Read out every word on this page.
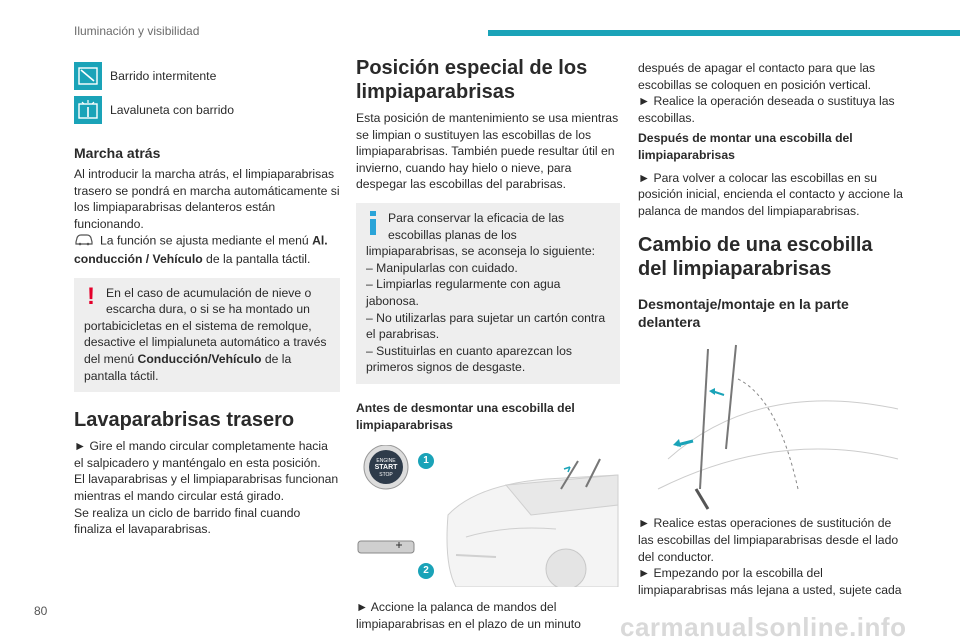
Iluminación y visibilidad
Barrido intermitente
Lavaluneta con barrido
Marcha atrás

Al introducir la marcha atrás, el limpiaparabrisas trasero se pondrá en marcha automáticamente si los limpiaparabrisas delanteros están funcionando.

La función se ajusta mediante el menú Al. conducción / Vehículo de la pantalla táctil.

! En el caso de acumulación de nieve o escarcha dura, o si se ha montado un portabicicletas en el sistema de remolque, desactive el limpialuneta automático a través del menú Conducción/Vehículo de la pantalla táctil.
Lavaparabrisas trasero

► Gire el mando circular completamente hacia el salpicadero y manténgalo en esta posición.

El lavaparabrisas y el limpiaparabrisas funcionan mientras el mando circular está girado.

Se realiza un ciclo de barrido final cuando finaliza el lavaparabrisas.

Posición especial de los limpiaparabrisas

Esta posición de mantenimiento se usa mientras se limpian o sustituyen las escobillas de los limpiaparabrisas. También puede resultar útil en invierno, cuando hay hielo o nieve, para despegar las escobillas del parabrisas.

Para conservar la eficacia de las escobillas planas de los limpiaparabrisas, se aconseja lo siguiente:
– Manipularlas con cuidado.
– Limpiarlas regularmente con agua jabonosa.
– No utilizarlas para sujetar un cartón contra el parabrisas.
– Sustituirlas en cuanto aparezcan los primeros signos de desgaste.
Antes de desmontar una escobilla del limpiaparabrisas
ENGINE
START
STOP
1
2

► Accione la palanca de mandos del limpiaparabrisas en el plazo de un minuto

después de apagar el contacto para que las escobillas se coloquen en posición vertical.

► Realice la operación deseada o sustituya las escobillas.

Después de montar una escobilla del limpiaparabrisas

► Para volver a colocar las escobillas en su posición inicial, encienda el contacto y accione la palanca de mandos del limpiaparabrisas.

Cambio de una escobilla del limpiaparabrisas
Desmontaje/montaje en la parte delantera

► Realice estas operaciones de sustitución de las escobillas del limpiaparabrisas desde el lado del conductor.

► Empezando por la escobilla del limpiaparabrisas más lejana a usted, sujete cada

80
carmanualsonline.info
